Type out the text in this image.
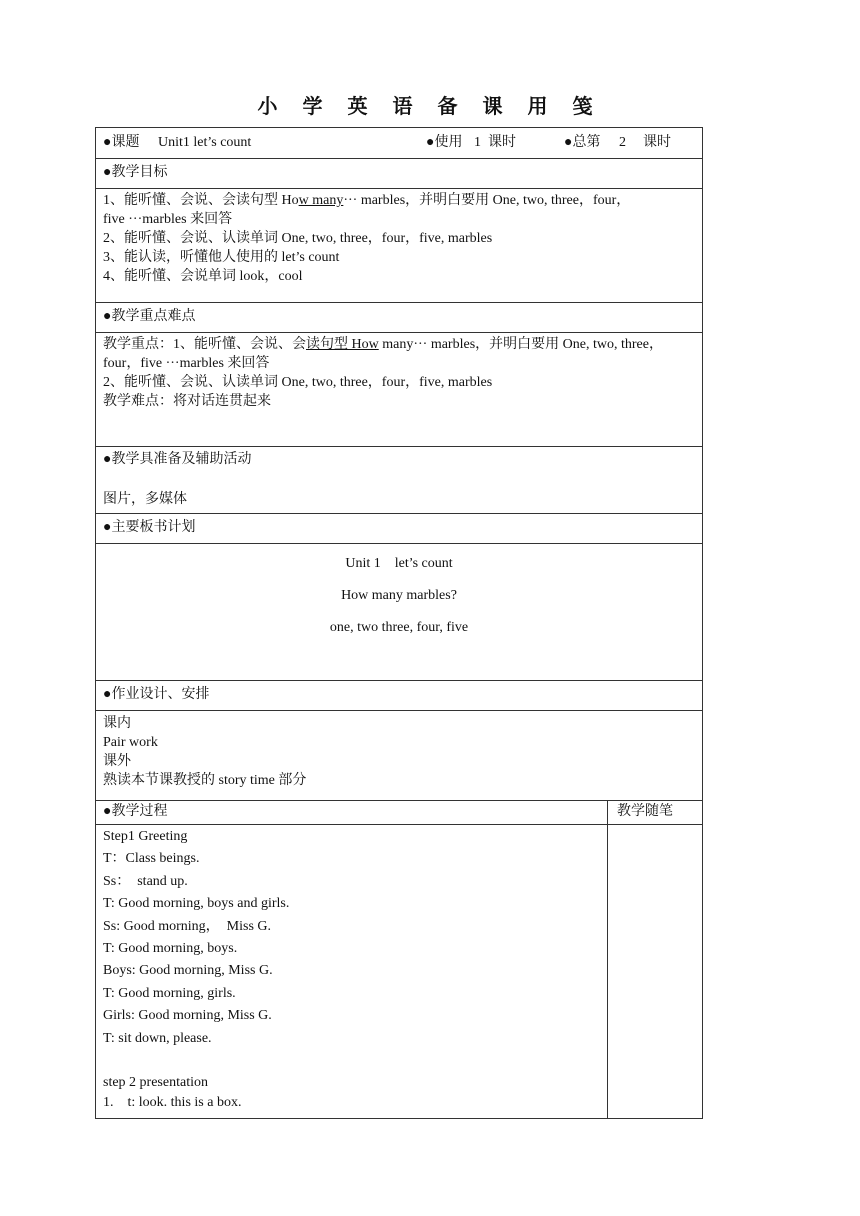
小 学 英 语 备 课 用 笺
●课题 Unit1 let’s count	●使用 1 课时	●总第 2 课时
●教学目标
1、能听懂、会说、会读句型 How many··· marbles，并明白要用 One, two, three，four，
five ···marbles 来回答
2、能听懂、会说、认读单词 One, two, three，four，five, marbles
3、能认读，听懂他人使用的 let’s count
4、能听懂、会说单词 look，cool
●教学重点难点
教学重点：1、能听懂、会说、会读句型 How many··· marbles，并明白要用 One, two, three，
four，five ···marbles 来回答
2、能听懂、会说、认读单词 One, two, three，four，five, marbles
教学难点：将对话连贯起来
●教学具准备及辅助活动
图片，多媒体
●主要板书计划
Unit 1    let’s count
How many marbles?
one, two three, four, five
●作业设计、安排
课内
Pair work
课外
熟读本节课教授的 story time 部分
●教学过程	教学随笔
Step1 Greeting
T：Class beings.
Ss：  stand up.
T: Good morning, boys and girls.
Ss: Good morning，  Miss G.
T: Good morning, boys.
Boys: Good morning, Miss G.
T: Good morning, girls.
Girls: Good morning, Miss G.
T: sit down, please.
step 2 presentation
1.    t: look. this is a box.
